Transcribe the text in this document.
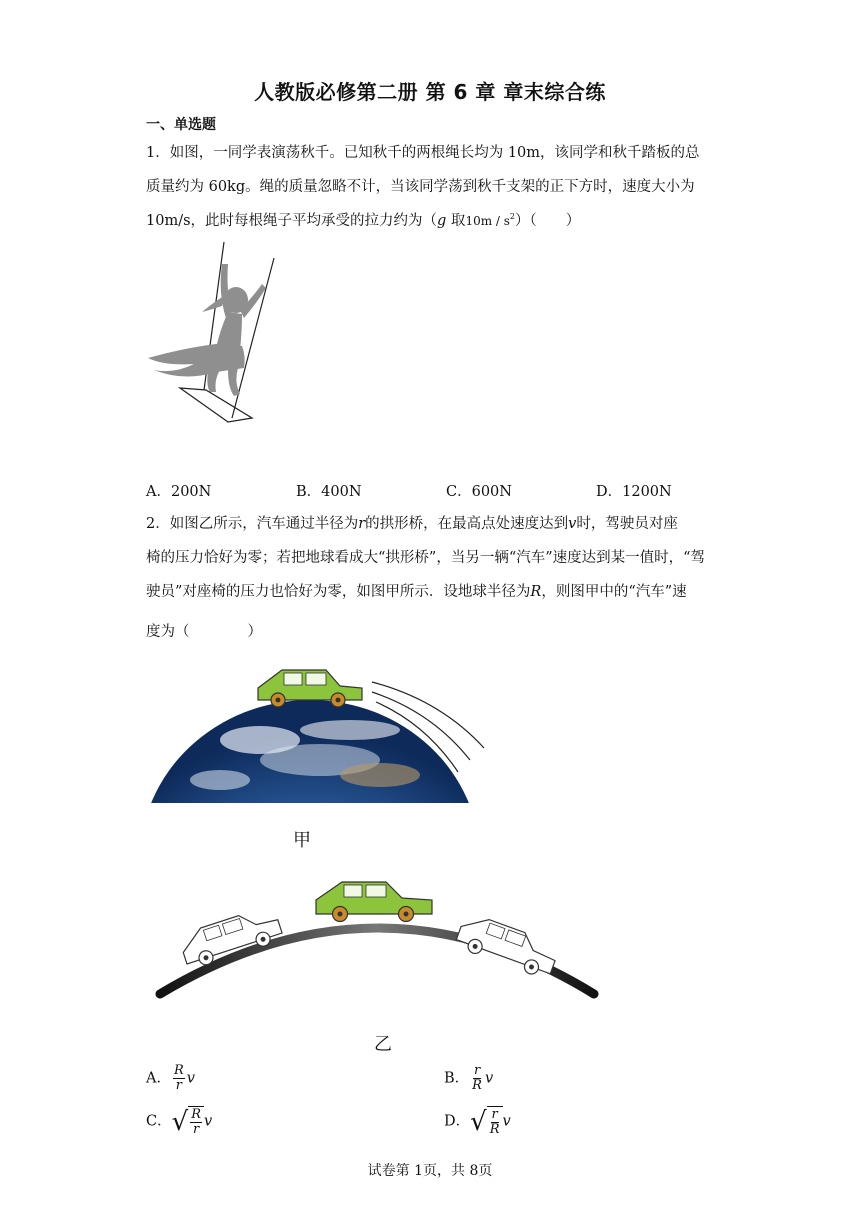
人教版必修第二册 第 6 章 章末综合练
一、单选题
1．如图，一同学表演荡秋千。已知秋千的两根绳长均为 10m，该同学和秋千踏板的总
质量约为 60kg。绳的质量忽略不计，当该同学荡到秋千支架的正下方时，速度大小为
10m/s，此时每根绳子平均承受的拉力约为（g 取$10m / s^2$）（　　）
A．200N	B．400N	C．600N	D．1200N
2．如图乙所示，汽车通过半径为r的拱形桥，在最高点处速度达到v时，驾驶员对座
椅的压力恰好为零；若把地球看成大“拱形桥”，当另一辆“汽车”速度达到某一值时，“驾
驶员”对座椅的压力也恰好为零，如图甲所示．设地球半径为R，则图甲中的“汽车”速
度为（　　　　）
甲
乙
A． $\frac{R}{r}$ v	B． $\frac{r}{R}$ v
C． √ $\frac{R}{r}$ v	D． √ $\frac{r}{R}$ v
试卷第 1页，共 8页
